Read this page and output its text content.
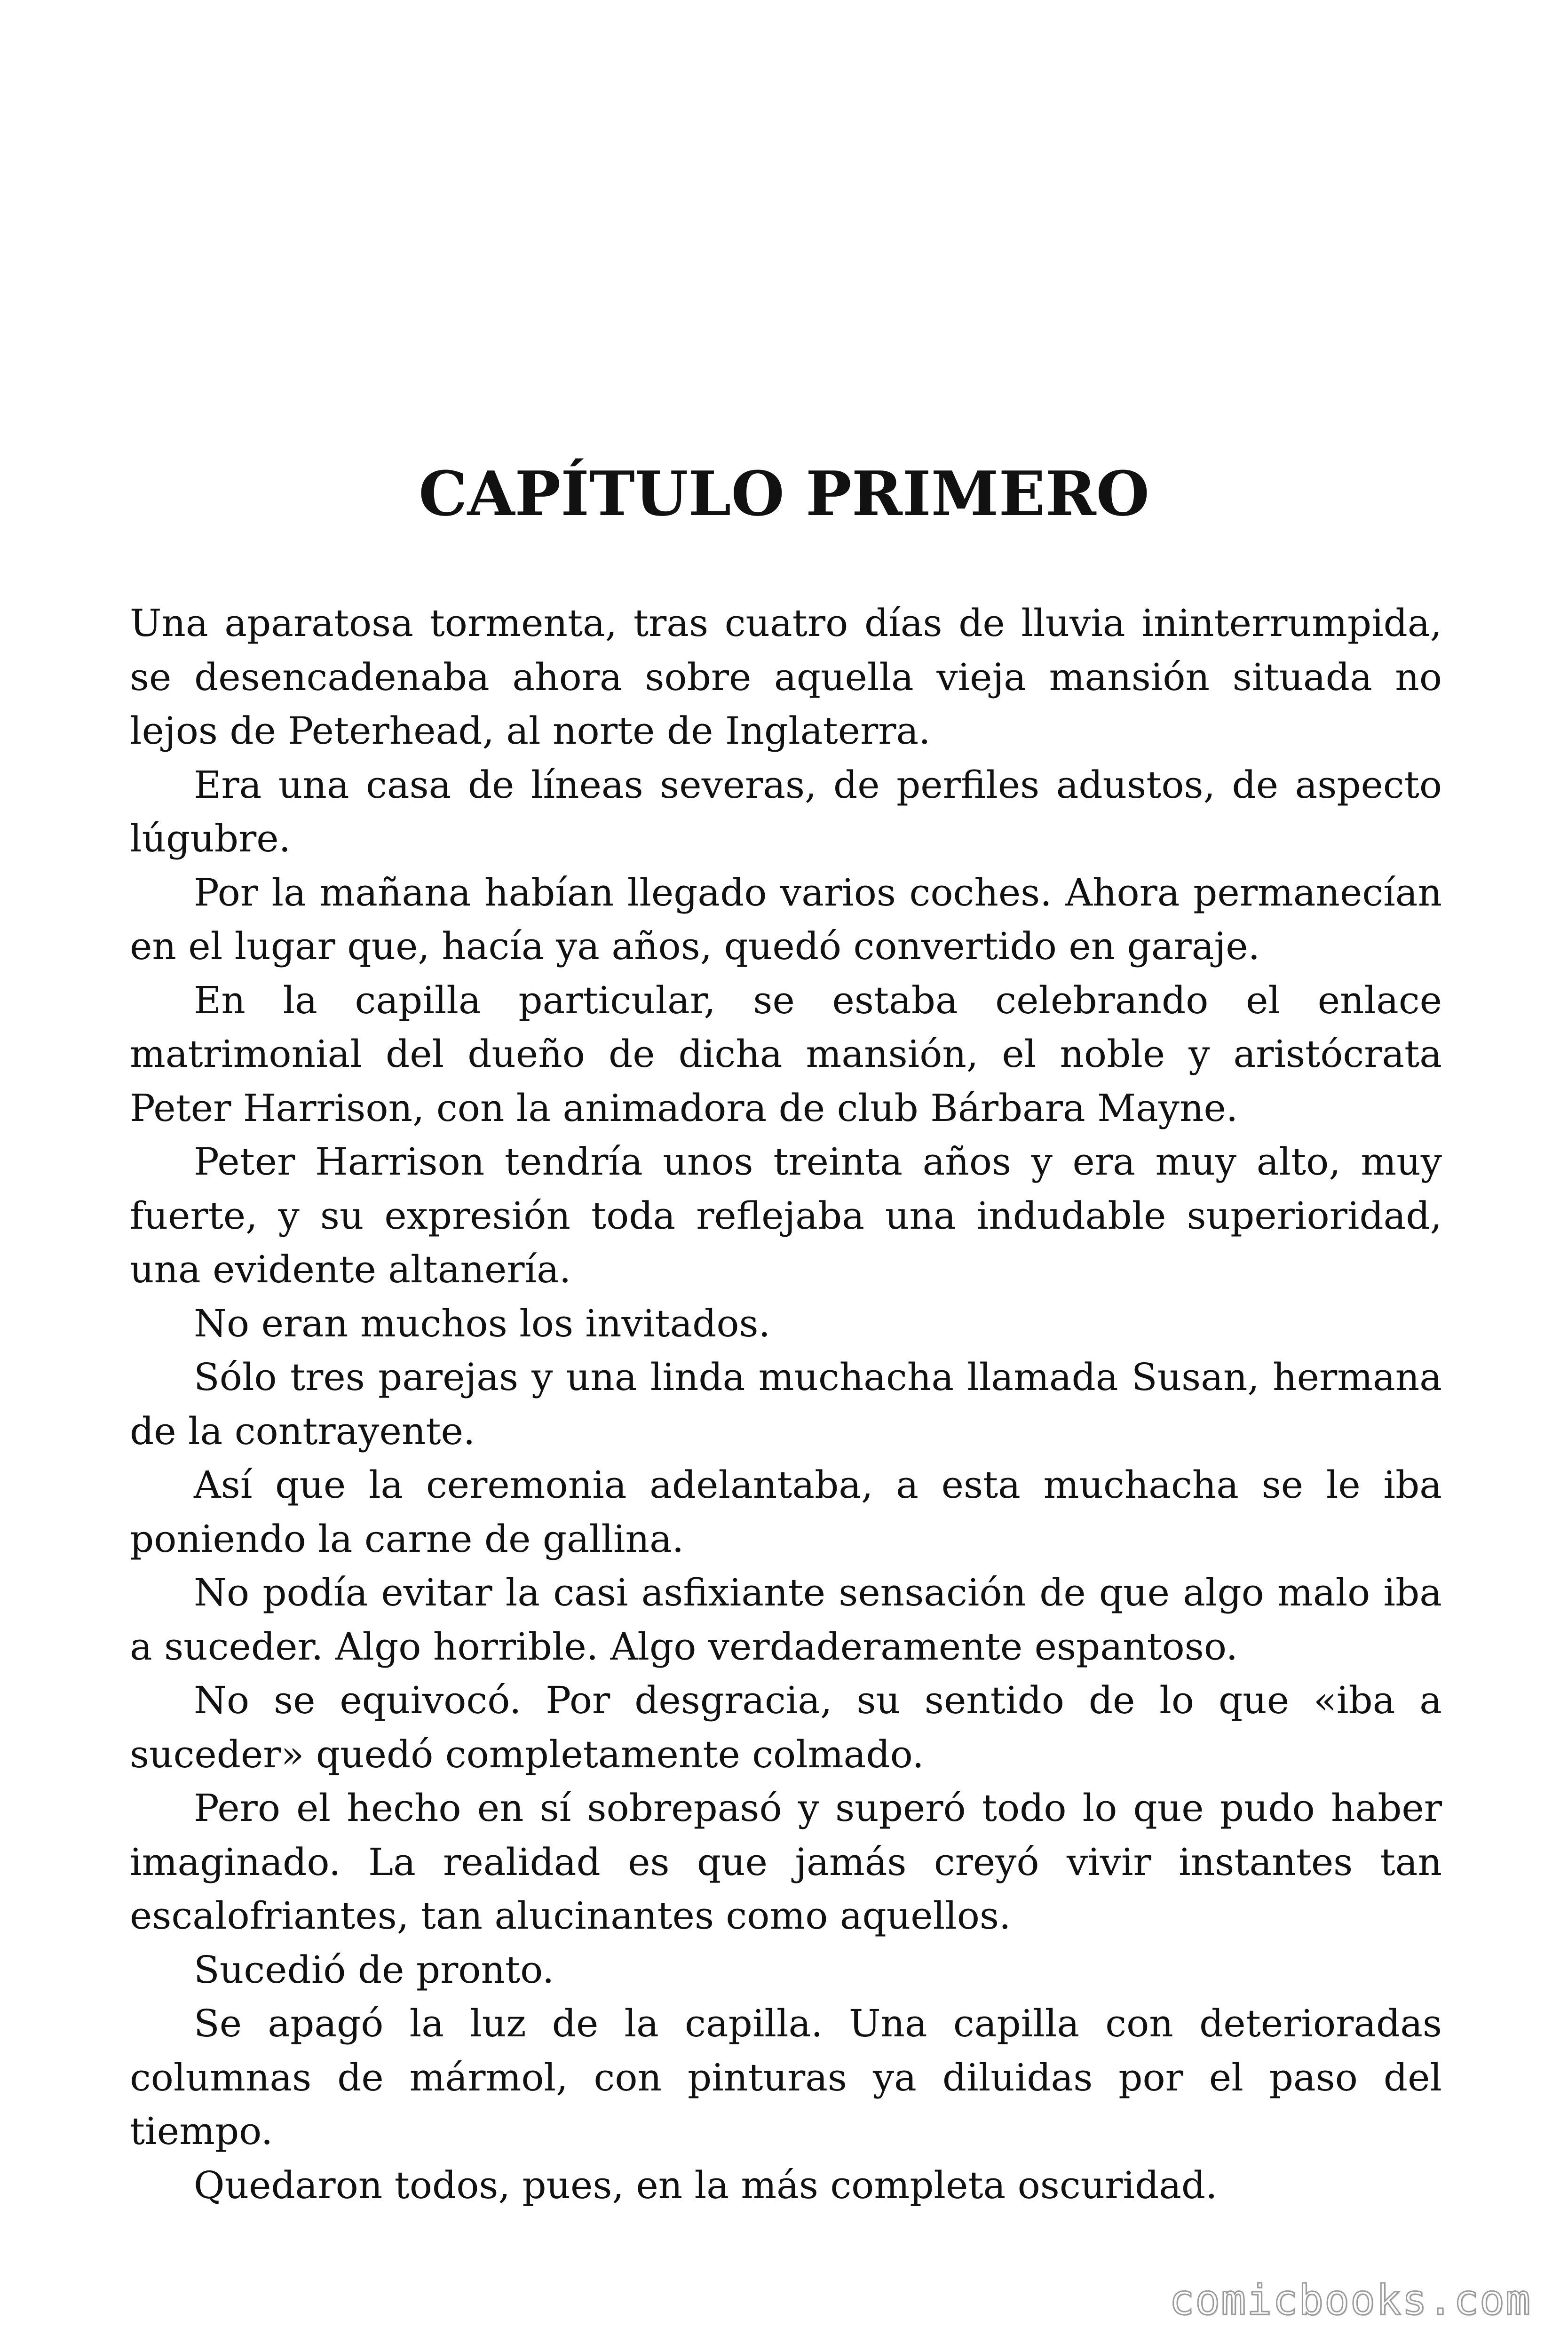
CAPÍTULO PRIMERO

Una aparatosa tormenta, tras cuatro días de lluvia ininterrumpida, se desencadenaba ahora sobre aquella vieja mansión situada no lejos de Peterhead, al norte de Inglaterra.

Era una casa de líneas severas, de perfiles adustos, de aspecto lúgubre.

Por la mañana habían llegado varios coches. Ahora permanecían en el lugar que, hacía ya años, quedó convertido en garaje.

En la capilla particular, se estaba celebrando el enlace matrimonial del dueño de dicha mansión, el noble y aristócrata Peter Harrison, con la animadora de club Bárbara Mayne.

Peter Harrison tendría unos treinta años y era muy alto, muy fuerte, y su expresión toda reflejaba una indudable superioridad, una evidente altanería.

No eran muchos los invitados.

Sólo tres parejas y una linda muchacha llamada Susan, hermana de la contrayente.

Así que la ceremonia adelantaba, a esta muchacha se le iba poniendo la carne de gallina.

No podía evitar la casi asfixiante sensación de que algo malo iba a suceder. Algo horrible. Algo verdaderamente espantoso.

No se equivocó. Por desgracia, su sentido de lo que «iba a suceder» quedó completamente colmado.

Pero el hecho en sí sobrepasó y superó todo lo que pudo haber imaginado. La realidad es que jamás creyó vivir instantes tan escalofriantes, tan alucinantes como aquellos.

Sucedió de pronto.

Se apagó la luz de la capilla. Una capilla con deterioradas columnas de mármol, con pinturas ya diluidas por el paso del tiempo.

Quedaron todos, pues, en la más completa oscuridad.

comicbooks.com
